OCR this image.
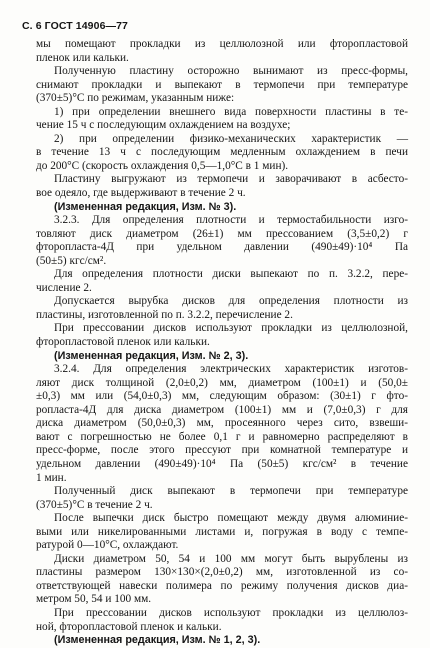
С. 6 ГОСТ 14906—77
мы помещают прокладки из целлюлозной или фторопластовой
пленок или кальки.
Полученную пластину осторожно вынимают из пресс-формы,
снимают прокладки и выпекают в термопечи при температуре
(370±5)°С по режимам, указанным ниже:
1) при определении внешнего вида поверхности пластины в те-
чение 15 ч с последующим охлаждением на воздухе;
2) при определении физико-механических характеристик —
в течение 13 ч с последующим медленным охлаждением в печи
до 200°С (скорость охлаждения 0,5—1,0°С в 1 мин).
Пластину выгружают из термопечи и заворачивают в асбесто-
вое одеяло, где выдерживают в течение 2 ч.
(Измененная редакция, Изм. № 3).
3.2.3. Для определения плотности и термостабильности изго-
товляют диск диаметром (26±1) мм прессованием (3,5±0,2) г
фторопласта-4Д при удельном давлении (490±49)·10⁴ Па
(50±5) кгс/см².
Для определения плотности диски выпекают по п. 3.2.2, пере-
числение 2.
Допускается вырубка дисков для определения плотности из
пластины, изготовленной по п. 3.2.2, перечисление 2.
При прессовании дисков используют прокладки из целлюлозной,
фторопластовой пленок или кальки.
(Измененная редакция, Изм. № 2, 3).
3.2.4. Для определения электрических характеристик изготов-
ляют диск толщиной (2,0±0,2) мм, диаметром (100±1) и (50,0±
±0,3) мм или (54,0±0,3) мм, следующим образом: (30±1) г фто-
ропласта-4Д для диска диаметром (100±1) мм и (7,0±0,3) г для
диска диаметром (50,0±0,3) мм, просеянного через сито, взвеши-
вают с погрешностью не более 0,1 г и равномерно распределяют в
пресс-форме, после этого прессуют при комнатной температуре и
удельном давлении (490±49)·10⁴ Па (50±5) кгс/см² в течение
1 мин.
Полученный диск выпекают в термопечи при температуре
(370±5)°С в течение 2 ч.
После выпечки диск быстро помещают между двумя алюминие-
выми или никелированными листами и, погружая в воду с темпе-
ратурой 0—10°С, охлаждают.
Диски диаметром 50, 54 и 100 мм могут быть вырублены из
пластины размером 130×130×(2,0±0,2) мм, изготовленной из со-
ответствующей навески полимера по режиму получения дисков диа-
метром 50, 54 и 100 мм.
При прессовании дисков используют прокладки из целлюлоз-
ной, фторопластовой пленок и кальки.
(Измененная редакция, Изм. № 1, 2, 3).
